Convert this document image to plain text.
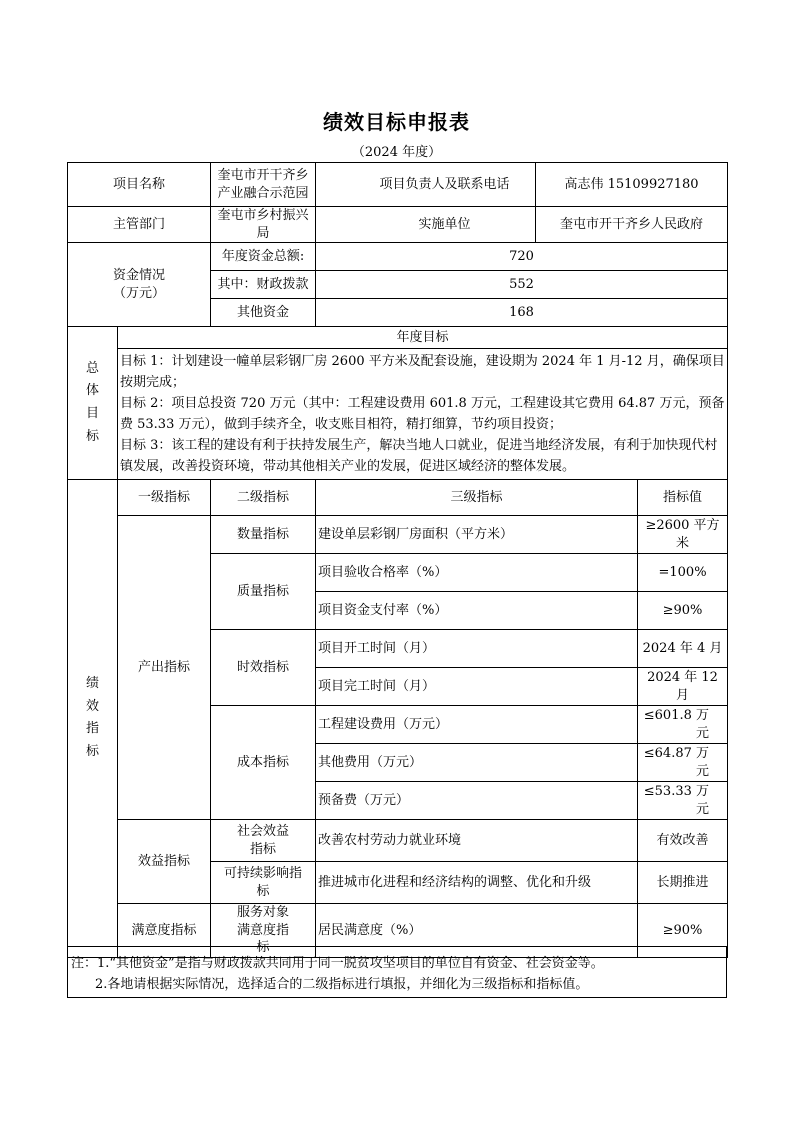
绩效目标申报表
（2024 年度）
项目名称		奎屯市开干齐乡产业融合示范园	项目负责人及联系电话	高志伟 15109927180	
主管部门		奎屯市乡村振兴局	实施单位	奎屯市开干齐乡人民政府	
资金情况（万元）		年度资金总额:	720		
		其中：财政拨款	552		
		其他资金	168		
总体目标	年度目标				

	目标 1：计划建设一幢单层彩钢厂房 2600 平方米及配套设施，建设期为 2024 年 1 月-12 月，确保项目按期完成；
目标 2：项目总投资 720 万元（其中：工程建设费用 601.8 万元，工程建设其它费用 64.87 万元，预备费 53.33 万元），做到手续齐全，收支账目相符，精打细算，节约项目投资；
目标 3：该工程的建设有利于扶持发展生产，解决当地人口就业，促进当地经济发展，有利于加快现代村镇发展，改善投资环境，带动其他相关产业的发展，促进区域经济的整体发展。				

绩效指标	一级指标	二级指标	三级指标		指标值
	产出指标	数量指标	建设单层彩钢厂房面积（平方米）		≥2600 平方米
		质量指标	项目验收合格率（%）		=100%
			项目资金支付率（%）		≥90%
		时效指标	项目开工时间（月）		2024 年 4 月
			项目完工时间（月）		2024 年 12 月
		成本指标	工程建设费用（万元）		≤601.8 万元
			其他费用（万元）		≤64.87 万元
			预备费（万元）		≤53.33 万元
	效益指标	社会效益指标	改善农村劳动力就业环境		有效改善
		可持续影响指标	推进城市化进程和经济结构的调整、优化和升级		长期推进
	满意度指标	服务对象满意度指标	居民满意度（%）		≥90%
注：1.“其他资金”是指与财政拨款共同用于同一脱贫攻坚项目的单位自有资金、社会资金等。
2.各地请根据实际情况，选择适合的二级指标进行填报，并细化为三级指标和指标值。
